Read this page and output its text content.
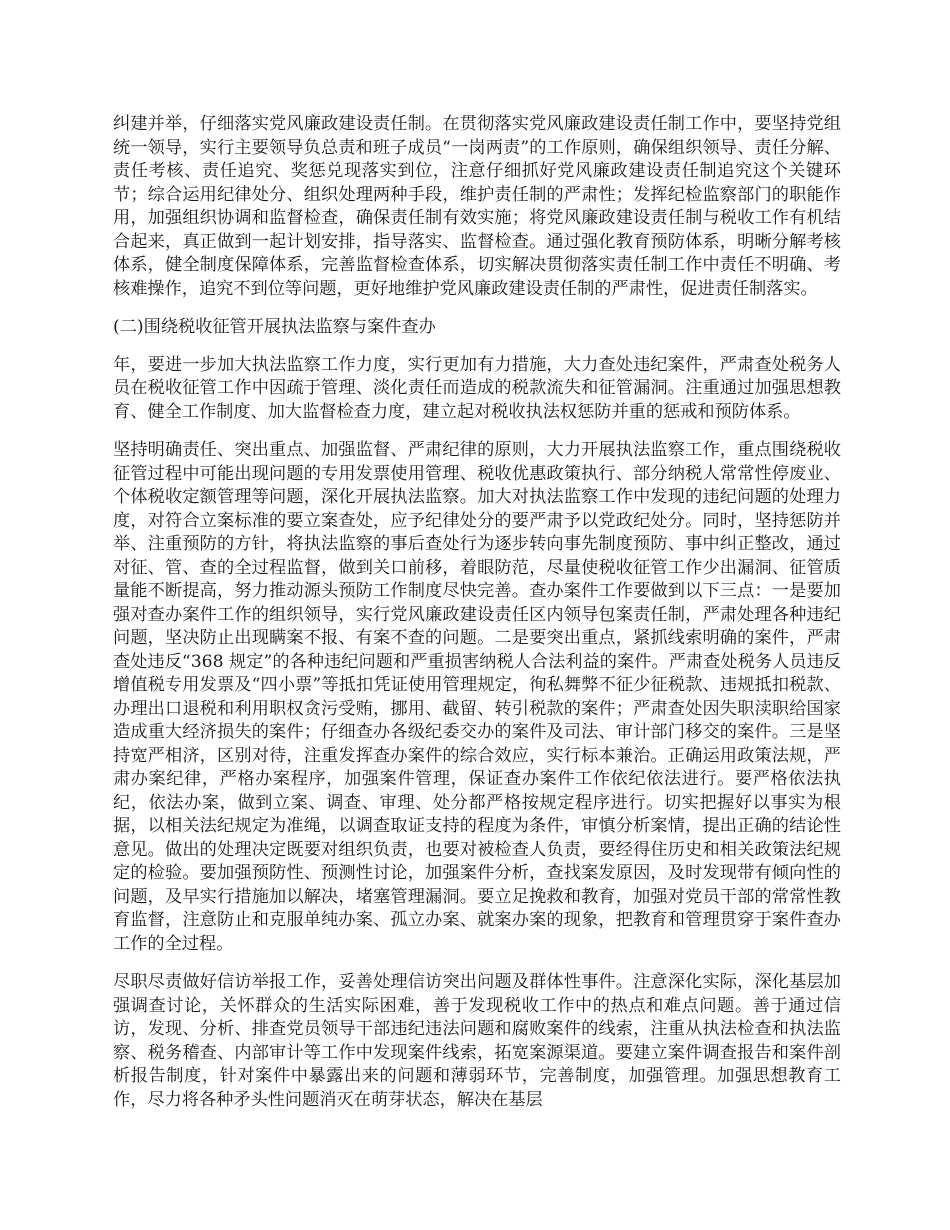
纠建并举，仔细落实党风廉政建设责任制。在贯彻落实党风廉政建设责任制工作中，要坚持党组统一领导，实行主要领导负总责和班子成员“一岗两责”的工作原则，确保组织领导、责任分解、责任考核、责任追究、奖惩兑现落实到位，注意仔细抓好党风廉政建设责任制追究这个关键环节；综合运用纪律处分、组织处理两种手段，维护责任制的严肃性；发挥纪检监察部门的职能作用，加强组织协调和监督检查，确保责任制有效实施；将党风廉政建设责任制与税收工作有机结合起来，真正做到一起计划安排，指导落实、监督检查。通过强化教育预防体系，明晰分解考核体系，健全制度保障体系，完善监督检查体系，切实解决贯彻落实责任制工作中责任不明确、考核难操作，追究不到位等问题，更好地维护党风廉政建设责任制的严肃性，促进责任制落实。

(二)围绕税收征管开展执法监察与案件查办

年，要进一步加大执法监察工作力度，实行更加有力措施，大力查处违纪案件，严肃查处税务人员在税收征管工作中因疏于管理、淡化责任而造成的税款流失和征管漏洞。注重通过加强思想教育、健全工作制度、加大监督检查力度，建立起对税收执法权惩防并重的惩戒和预防体系。

坚持明确责任、突出重点、加强监督、严肃纪律的原则，大力开展执法监察工作，重点围绕税收征管过程中可能出现问题的专用发票使用管理、税收优惠政策执行、部分纳税人常常性停废业、个体税收定额管理等问题，深化开展执法监察。加大对执法监察工作中发现的违纪问题的处理力度，对符合立案标准的要立案查处，应予纪律处分的要严肃予以党政纪处分。同时，坚持惩防并举、注重预防的方针，将执法监察的事后查处行为逐步转向事先制度预防、事中纠正整改，通过对征、管、查的全过程监督，做到关口前移，着眼防范，尽量使税收征管工作少出漏洞、征管质量能不断提高，努力推动源头预防工作制度尽快完善。查办案件工作要做到以下三点：一是要加强对查办案件工作的组织领导，实行党风廉政建设责任区内领导包案责任制，严肃处理各种违纪问题，坚决防止出现瞒案不报、有案不查的问题。二是要突出重点，紧抓线索明确的案件，严肃查处违反“368 规定”的各种违纪问题和严重损害纳税人合法利益的案件。严肃查处税务人员违反增值税专用发票及“四小票”等抵扣凭证使用管理规定，徇私舞弊不征少征税款、违规抵扣税款、办理出口退税和利用职权贪污受贿，挪用、截留、转引税款的案件；严肃查处因失职渎职给国家造成重大经济损失的案件；仔细查办各级纪委交办的案件及司法、审计部门移交的案件。三是坚持宽严相济，区别对待，注重发挥查办案件的综合效应，实行标本兼治。正确运用政策法规，严肃办案纪律，严格办案程序，加强案件管理，保证查办案件工作依纪依法进行。要严格依法执纪，依法办案，做到立案、调查、审理、处分都严格按规定程序进行。切实把握好以事实为根据，以相关法纪规定为准绳，以调查取证支持的程度为条件，审慎分析案情，提出正确的结论性意见。做出的处理决定既要对组织负责，也要对被检查人负责，要经得住历史和相关政策法纪规定的检验。要加强预防性、预测性讨论，加强案件分析，查找案发原因，及时发现带有倾向性的问题，及早实行措施加以解决，堵塞管理漏洞。要立足挽救和教育，加强对党员干部的常常性教育监督，注意防止和克服单纯办案、孤立办案、就案办案的现象，把教育和管理贯穿于案件查办工作的全过程。

尽职尽责做好信访举报工作，妥善处理信访突出问题及群体性事件。注意深化实际，深化基层加强调查讨论，关怀群众的生活实际困难，善于发现税收工作中的热点和难点问题。善于通过信访，发现、分析、排查党员领导干部违纪违法问题和腐败案件的线索，注重从执法检查和执法监察、税务稽查、内部审计等工作中发现案件线索，拓宽案源渠道。要建立案件调查报告和案件剖析报告制度，针对案件中暴露出来的问题和薄弱环节，完善制度，加强管理。加强思想教育工作，尽力将各种矛头性问题消灭在萌芽状态，解决在基层
